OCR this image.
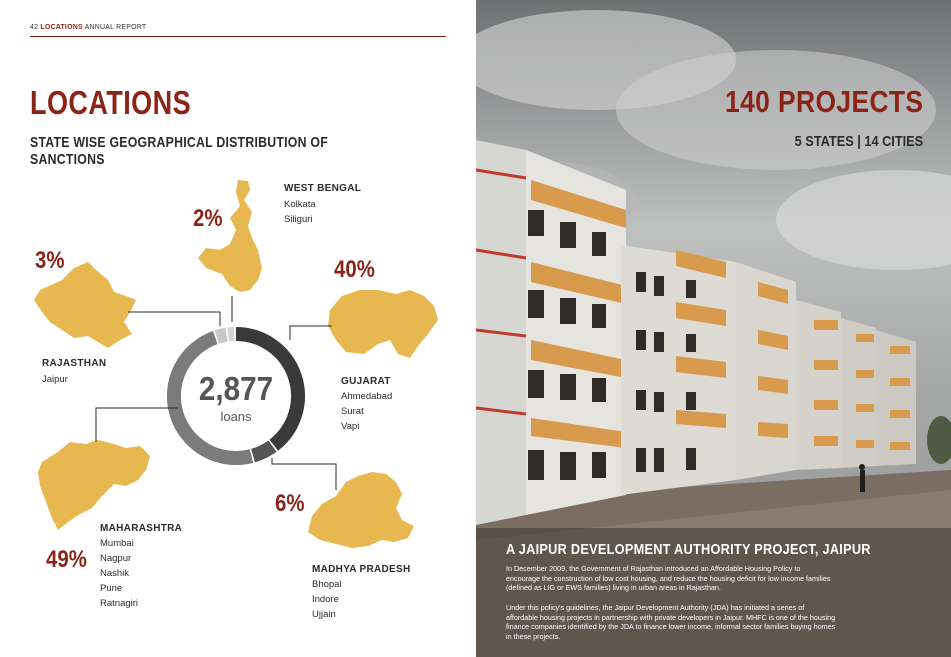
42 LOCATIONS ANNUAL REPORT
LOCATIONS
STATE WISE GEOGRAPHICAL DISTRIBUTION OF SANCTIONS
2,877
loans
2%
WEST BENGAL
Kolkata
Siliguri
3%
RAJASTHAN
Jaipur
40%
GUJARAT
Ahmedabad
Surat
Vapi
49%
MAHARASHTRA
Mumbai
Nagpur
Nashik
Pune
Ratnagiri
6%
MADHYA PRADESH
Bhopal
Indore
Ujjain
140 PROJECTS
5 STATES | 14 CITIES
A JAIPUR DEVELOPMENT AUTHORITY PROJECT, JAIPUR
In December 2009, the Government of Rajasthan introduced an Affordable Housing Policy to encourage the construction of low cost housing, and reduce the housing deficit for low income families (defined as LIG or EWS families) living in urban areas in Rajasthan.
Under this policy's guidelines, the Jaipur Development Authority (JDA) has initiated a series of affordable housing projects in partnership with private developers in Jaipur. MHFC is one of the housing finance companies identified by the JDA to finance lower income, informal sector families buying homes in these projects.
